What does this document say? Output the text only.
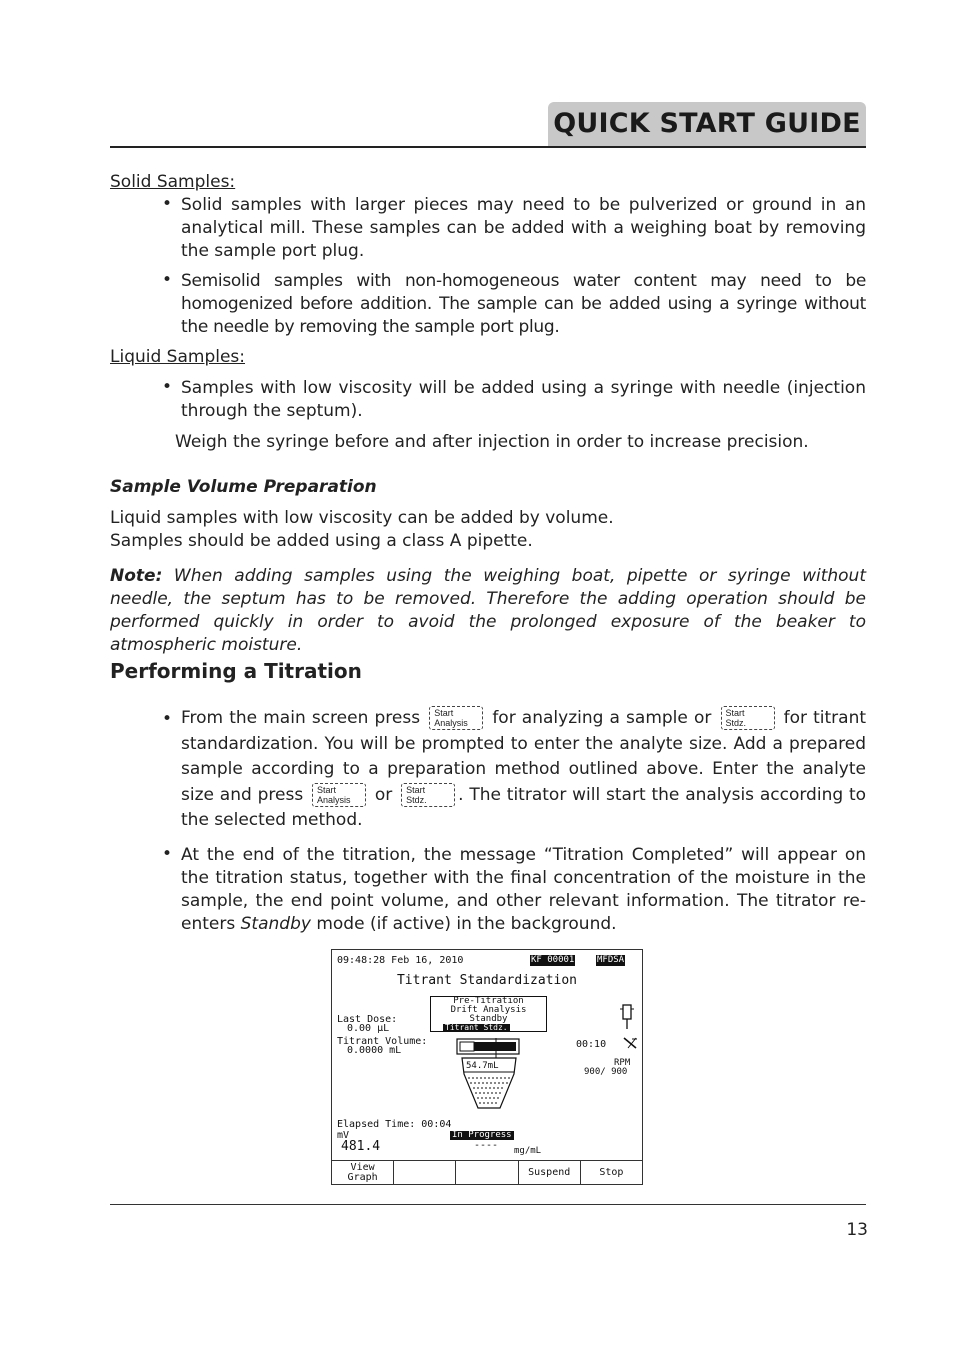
QUICK START GUIDE
Solid Samples:
• Solid samples with larger pieces may need to be pulverized or ground in an analytical mill. These samples can be added with a weighing boat by removing the sample port plug.
• Semisolid samples with non-homogeneous water content may need to be homogenized before addition. The sample can be added using a syringe without the needle by removing the sample port plug.
Liquid Samples:
• Samples with low viscosity will be added using a syringe with needle (injection through the septum).
Weigh the syringe before and after injection in order to increase precision.
Sample Volume Preparation
Liquid samples with low viscosity can be added by volume.
Samples should be added using a class A pipette.
Note: When adding samples using the weighing boat, pipette or syringe without needle, the septum has to be removed. Therefore the adding operation should be performed quickly in order to avoid the prolonged exposure of the beaker to atmospheric moisture.
Performing a Titration
• From the main screen press Start
Analysis for analyzing a sample or Start
Stdz. for titrant standardization. You will be prompted to enter the analyte size. Add a prepared sample according to a preparation method outlined above. Enter the analyte size and press Start
Analysis or Start
Stdz. . The titrator will start the analysis according to the selected method.
• At the end of the titration, the message “Titration Completed” will appear on the titration status, together with the final concentration of the moisture in the sample, the end point volume, and other relevant information. The titrator re-enters Standby mode (if active) in the background.
09:48:28 Feb 16, 2010	KF 00001	MFDSA
Titrant Standardization
Pre-Titration
Drift Analysis
Standby
Titrant Stdz.
Last Dose:
0.00 µL
Titrant Volume:
0.0000 mL
00:10
RPM
900/ 900
54.7mL
Elapsed Time: 00:04
mV	In Progress
481.4	---- mg/mL
View
Graph	Suspend	Stop
13
